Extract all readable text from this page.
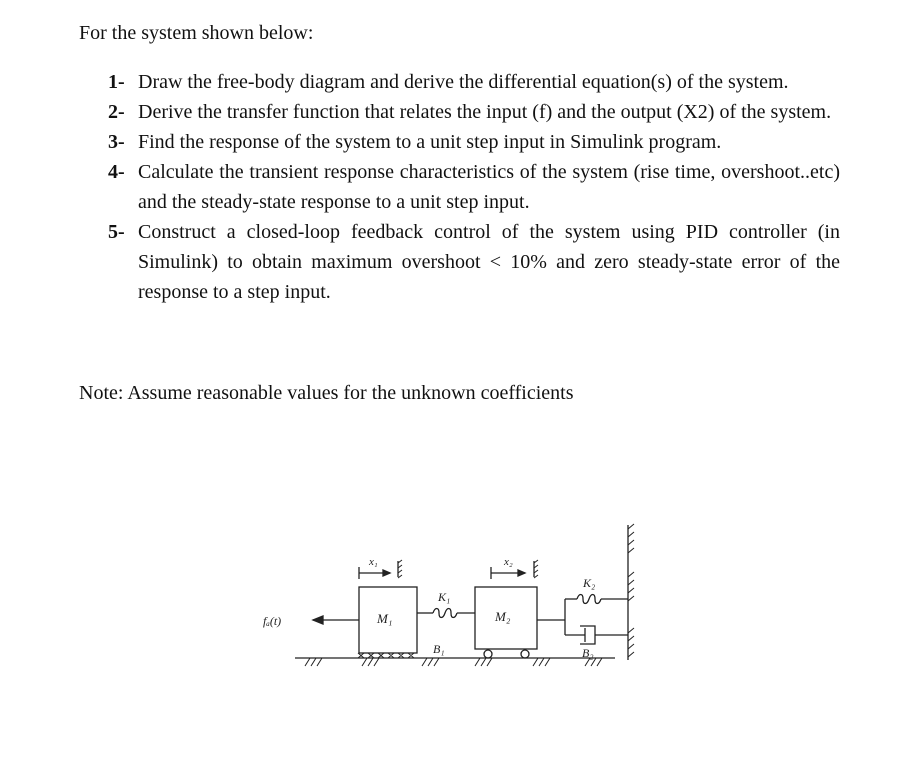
For the system shown below:

1- Draw the free-body diagram and derive the differential equation(s) of the system.
2- Derive the transfer function that relates the input (f) and the output (X2) of the system.
3- Find the response of the system to a unit step input in Simulink program.
4- Calculate the transient response characteristics of the system (rise time, overshoot..etc) and the steady-state response to a unit step input.
5- Construct a closed-loop feedback control of the system using PID controller (in Simulink) to obtain maximum overshoot < 10% and zero steady-state error of the response to a step input.

Note: Assume reasonable values for the unknown coefficients

fₐ(t)	M₁
B₁
x₁
K₁
M₂
x₂
K₂
B₂
